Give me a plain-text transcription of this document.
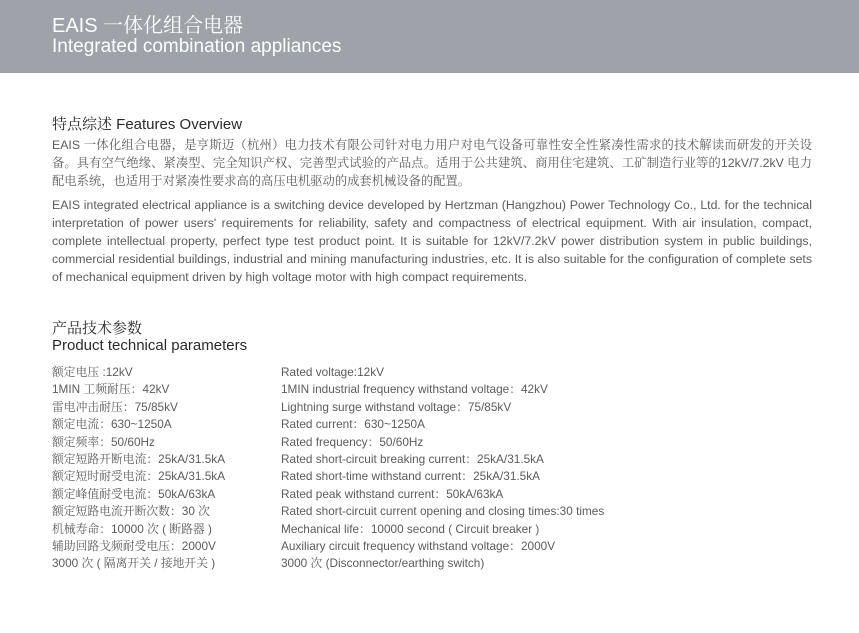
EAIS 一体化组合电器
Integrated combination appliances
特点综述 Features Overview
EAIS 一体化组合电器，是亨斯迈（杭州）电力技术有限公司针对电力用户对电气设备可靠性安全性紧凑性需求的技术解读而研发的开关设备。具有空气绝缘、紧凑型、完全知识产权、完善型式试验的产品点。适用于公共建筑、商用住宅建筑、工矿制造行业等的12kV/7.2kV 电力配电系统，也适用于对紧凑性要求高的高压电机驱动的成套机械设备的配置。
EAIS integrated electrical appliance is a switching device developed by Hertzman (Hangzhou) Power Technology Co., Ltd. for the technical interpretation of power users' requirements for reliability, safety and compactness of electrical equipment. With air insulation, compact, complete intellectual property, perfect type test product point. It is suitable for 12kV/7.2kV power distribution system in public buildings, commercial residential buildings, industrial and mining manufacturing industries, etc. It is also suitable for the configuration of complete sets of mechanical equipment driven by high voltage motor with high compact requirements.
产品技术参数
Product technical parameters
额定电压 :12kV	Rated voltage:12kV
1MIN 工频耐压：42kV	1MIN industrial frequency withstand voltage：42kV
雷电冲击耐压：75/85kV	Lightning surge withstand voltage：75/85kV
额定电流：630~1250A	Rated current：630~1250A
额定频率：50/60Hz	Rated frequency：50/60Hz
额定短路开断电流：25kA/31.5kA	Rated short-circuit breaking current：25kA/31.5kA
额定短时耐受电流：25kA/31.5kA	Rated short-time withstand current：25kA/31.5kA
额定峰值耐受电流：50kA/63kA	Rated peak withstand current：50kA/63kA
额定短路电流开断次数：30 次	Rated short-circuit current opening and closing times:30 times
机械寿命：10000 次 ( 断路器 )	Mechanical life：10000 second ( Circuit breaker )
辅助回路戈频耐受电压：2000V	Auxiliary circuit frequency withstand voltage：2000V
3000 次 ( 隔离开关 / 接地开关 )	3000 次 (Disconnector/earthing switch)
